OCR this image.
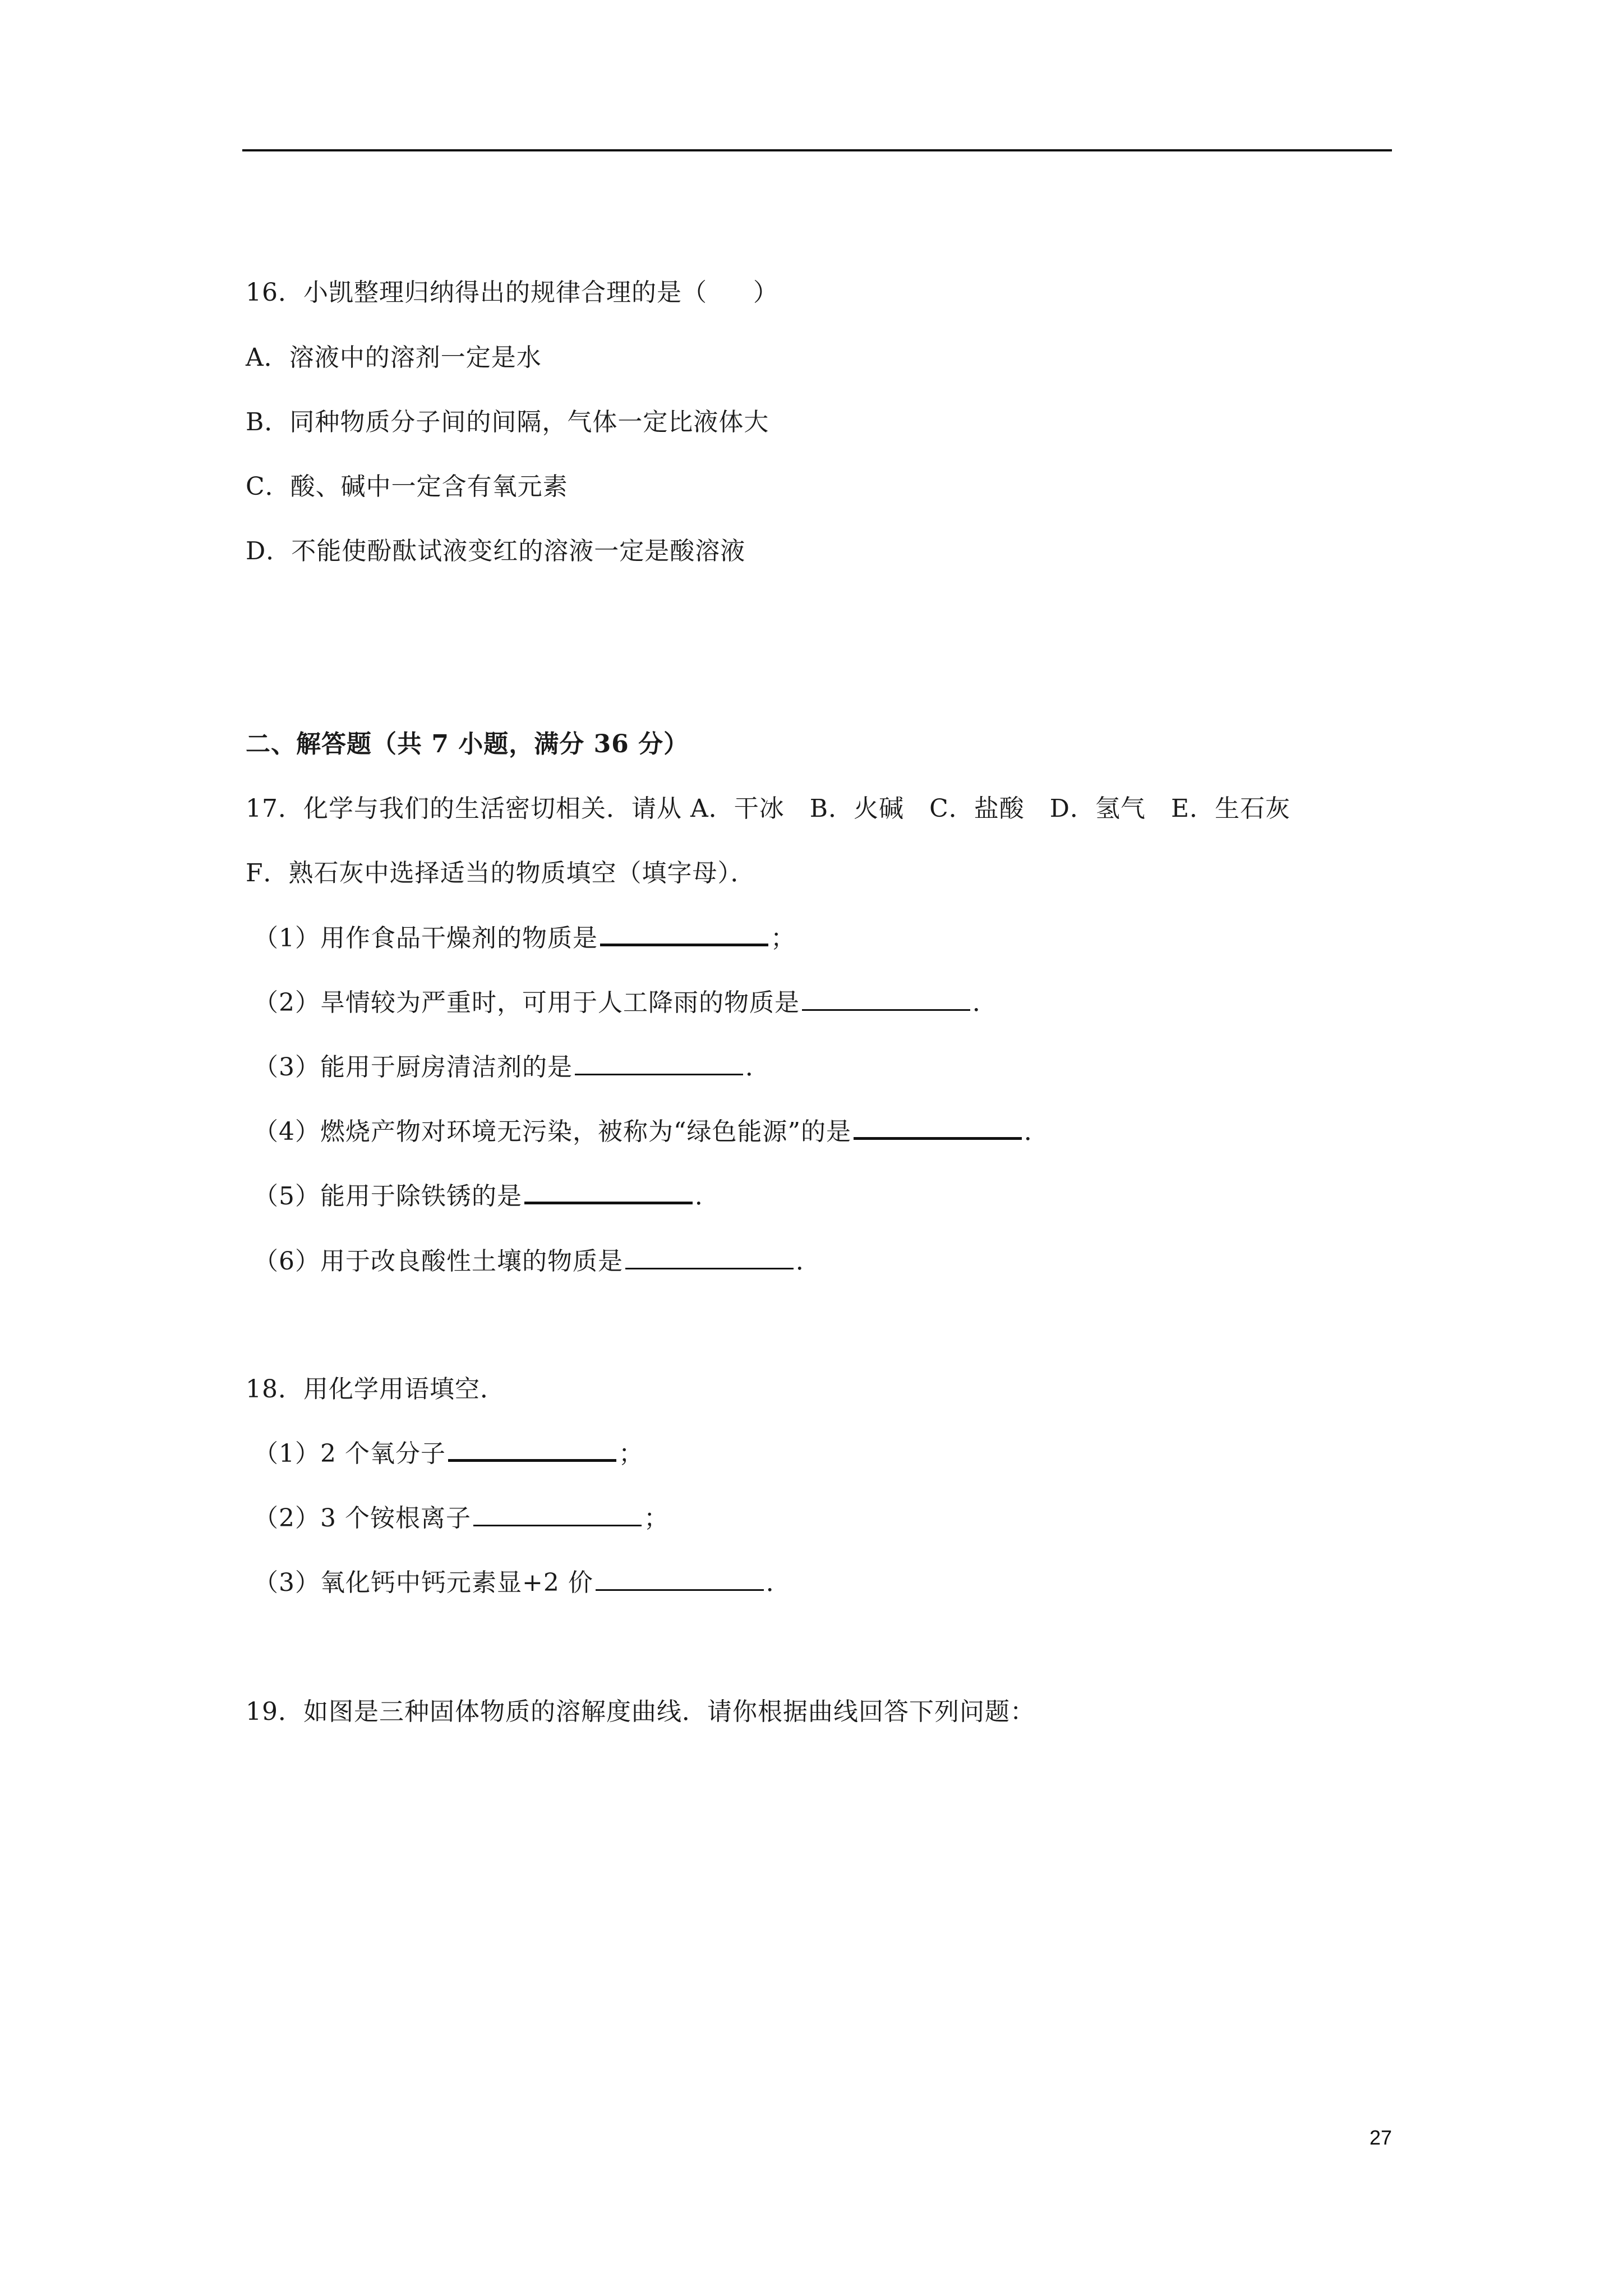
16．小凯整理归纳得出的规律合理的是（ ）
A．溶液中的溶剂一定是水
B．同种物质分子间的间隔，气体一定比液体大
C．酸、碱中一定含有氧元素
D．不能使酚酞试液变红的溶液一定是酸溶液
二、解答题（共 7 小题，满分 36 分）
17．化学与我们的生活密切相关．请从 A．干冰　B．火碱　C．盐酸　D．氢气　E．生石灰
F．熟石灰中选择适当的物质填空（填字母）．
（1）用作食品干燥剂的物质是	；
（2）旱情较为严重时，可用于人工降雨的物质是	．
（3）能用于厨房清洁剂的是	．
（4）燃烧产物对环境无污染，被称为“绿色能源”的是	．
（5）能用于除铁锈的是	．
（6）用于改良酸性土壤的物质是	．
18．用化学用语填空．
（1）2 个氧分子	；
（2）3 个铵根离子	；
（3）氧化钙中钙元素显+2 价	．
19．如图是三种固体物质的溶解度曲线．请你根据曲线回答下列问题：
27
